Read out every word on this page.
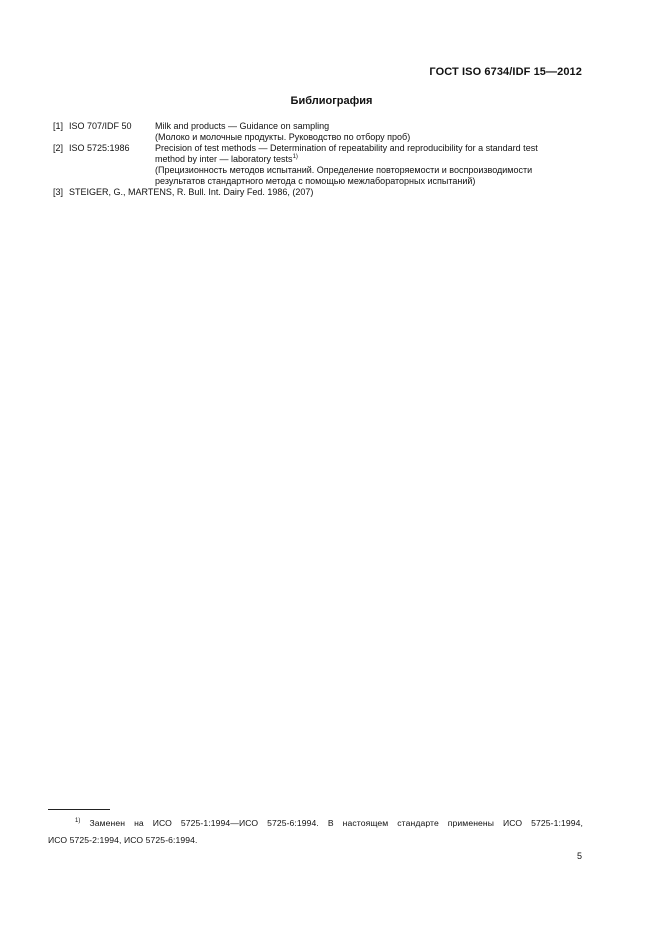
ГОСТ ISO 6734/IDF 15—2012
Библиография
[1] ISO 707/IDF 50	Milk and products — Guidance on sampling
(Молоко и молочные продукты. Руководство по отбору проб)
[2] ISO 5725:1986	Precision of test methods — Determination of repeatability and reproducibility for a standard test
method by inter — laboratory tests$^{1)}$
(Прецизионность методов испытаний. Определение повторяемости и воспроизводимости
результатов стандартного метода с помощью межлабораторных испытаний)
[3] STEIGER, G., MARTENS, R. Bull. Int. Dairy Fed. 1986, (207)
$^{1)}$ Заменен на ИСО 5725-1:1994—ИСО 5725-6:1994. В настоящем стандарте применены ИСО 5725-1:1994,
ИСО 5725-2:1994, ИСО 5725-6:1994.
5
